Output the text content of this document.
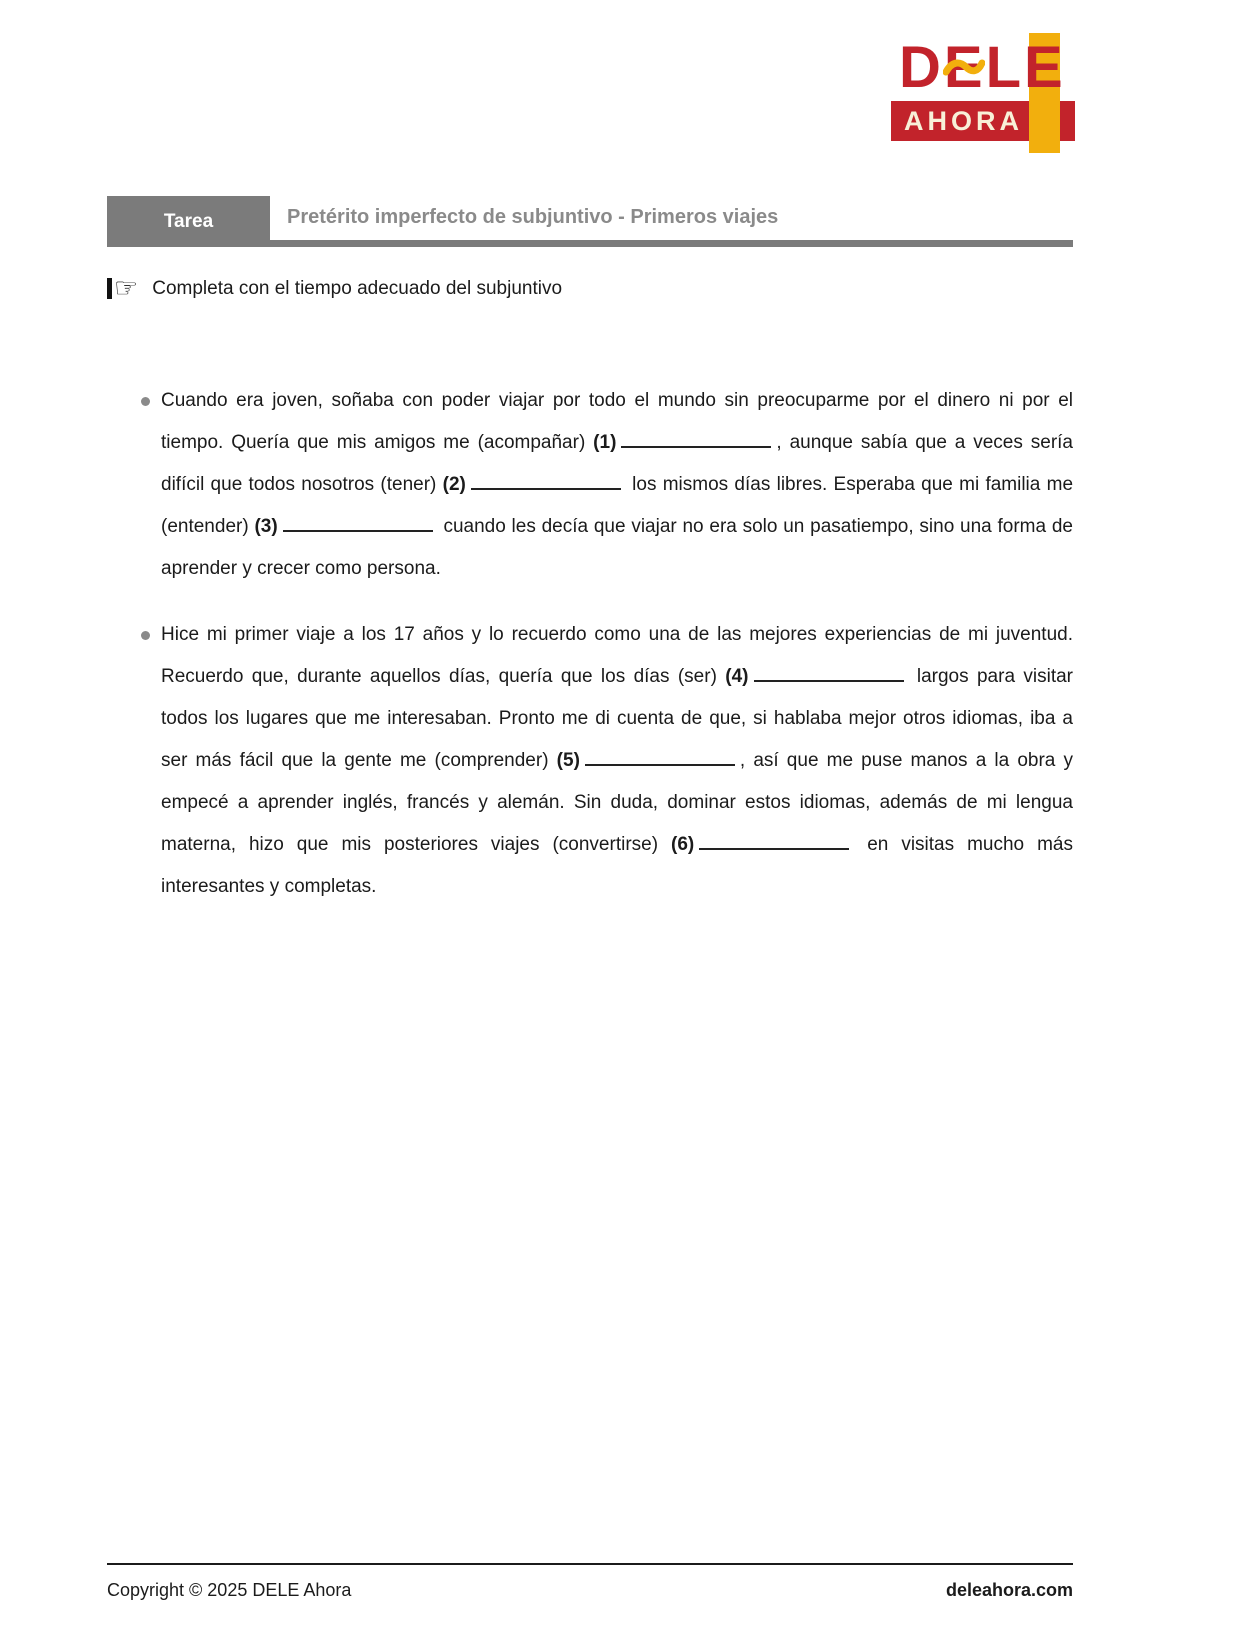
AHORA
DELE
Tarea	Pretérito imperfecto de subjuntivo - Primeros viajes
☞ Completa con el tiempo adecuado del subjuntivo
Cuando era joven, soñaba con poder viajar por todo el mundo sin preocuparme por el dinero ni por el tiempo. Quería que mis amigos me (acompañar) (1)	, aunque sabía que a veces sería difícil que todos nosotros (tener) (2)	los mismos días libres. Esperaba que mi familia me (entender) (3)	cuando les decía que viajar no era solo un pasatiempo, sino una forma de aprender y crecer como persona.
Hice mi primer viaje a los 17 años y lo recuerdo como una de las mejores experiencias de mi juventud. Recuerdo que, durante aquellos días, quería que los días (ser) (4)	largos para visitar todos los lugares que me interesaban. Pronto me di cuenta de que, si hablaba mejor otros idiomas, iba a ser más fácil que la gente me (comprender) (5)	, así que me puse manos a la obra y empecé a aprender inglés, francés y alemán. Sin duda, dominar estos idiomas, además de mi lengua materna, hizo que mis posteriores viajes (convertirse) (6)	en visitas mucho más interesantes y completas.
Copyright © 2025 DELE Ahora	deleahora.com
